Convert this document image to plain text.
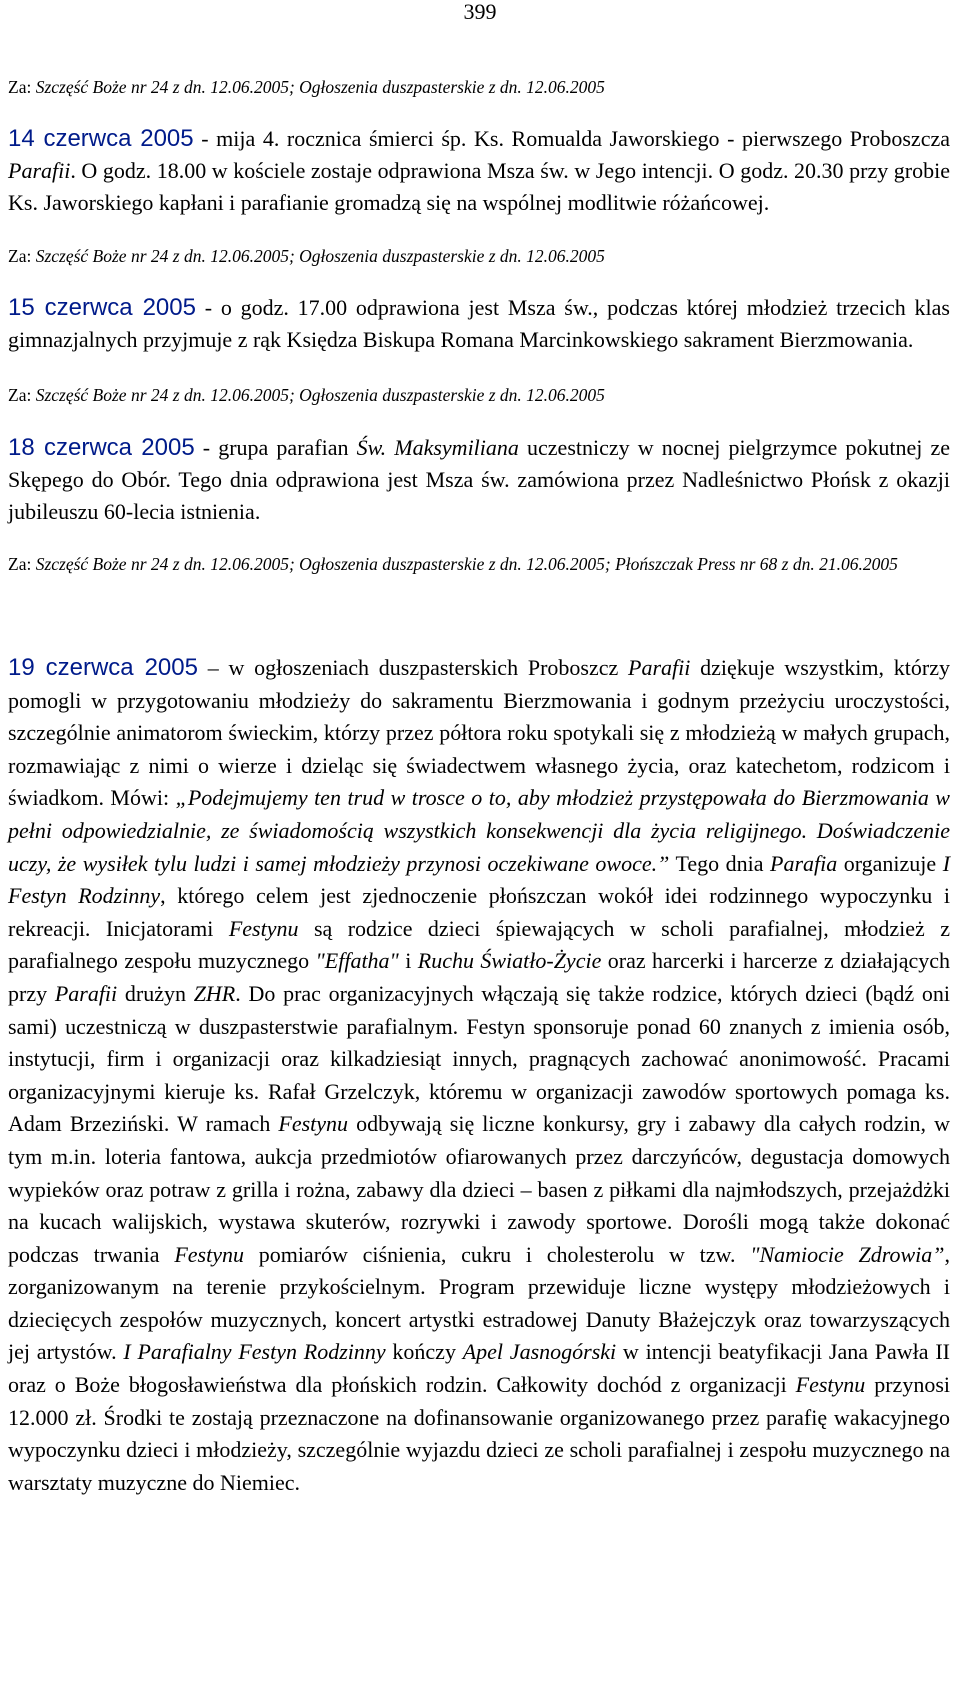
399
Za: Szczęść Boże nr 24 z dn. 12.06.2005; Ogłoszenia duszpasterskie z dn. 12.06.2005
14 czerwca 2005 - mija 4. rocznica śmierci śp. Ks. Romualda Jaworskiego - pierwszego Proboszcza Parafii. O godz. 18.00 w kościele zostaje odprawiona Msza św. w Jego intencji. O godz. 20.30 przy grobie Ks. Jaworskiego kapłani i parafianie gromadzą się na wspólnej modlitwie różańcowej.
Za: Szczęść Boże nr 24 z dn. 12.06.2005; Ogłoszenia duszpasterskie z dn. 12.06.2005
15 czerwca 2005 - o godz. 17.00 odprawiona jest Msza św., podczas której młodzież trzecich klas gimnazjalnych przyjmuje z rąk Księdza Biskupa Romana Marcinkowskiego sakrament Bierzmowania.
Za: Szczęść Boże nr 24 z dn. 12.06.2005; Ogłoszenia duszpasterskie z dn. 12.06.2005
18 czerwca 2005 - grupa parafian Św. Maksymiliana uczestniczy w nocnej pielgrzymce pokutnej ze Skępego do Obór. Tego dnia odprawiona jest Msza św. zamówiona przez Nadleśnictwo Płońsk z okazji jubileuszu 60-lecia istnienia.
Za: Szczęść Boże nr 24 z dn. 12.06.2005; Ogłoszenia duszpasterskie z dn. 12.06.2005; Płońszczak Press nr 68 z dn. 21.06.2005
19 czerwca 2005 – w ogłoszeniach duszpasterskich Proboszcz Parafii dziękuje wszystkim, którzy pomogli w przygotowaniu młodzieży do sakramentu Bierzmowania i godnym przeżyciu uroczystości, szczególnie animatorom świeckim, którzy przez półtora roku spotykali się z młodzieżą w małych grupach, rozmawiając z nimi o wierze i dzieląc się świadectwem własnego życia, oraz katechetom, rodzicom i świadkom. Mówi: „Podejmujemy ten trud w trosce o to, aby młodzież przystępowała do Bierzmowania w pełni odpowiedzialnie, ze świadomością wszystkich konsekwencji dla życia religijnego. Doświadczenie uczy, że wysiłek tylu ludzi i samej młodzieży przynosi oczekiwane owoce.” Tego dnia Parafia organizuje I Festyn Rodzinny, którego celem jest zjednoczenie płońszczan wokół idei rodzinnego wypoczynku i rekreacji. Inicjatorami Festynu są rodzice dzieci śpiewających w scholi parafialnej, młodzież z parafialnego zespołu muzycznego "Effatha" i Ruchu Światło-Życie oraz harcerki i harcerze z działających przy Parafii drużyn ZHR. Do prac organizacyjnych włączają się także rodzice, których dzieci (bądź oni sami) uczestniczą w duszpasterstwie parafialnym. Festyn sponsoruje ponad 60 znanych z imienia osób, instytucji, firm i organizacji oraz kilkadziesiąt innych, pragnących zachować anonimowość. Pracami organizacyjnymi kieruje ks. Rafał Grzelczyk, któremu w organizacji zawodów sportowych pomaga ks. Adam Brzeziński. W ramach Festynu odbywają się liczne konkursy, gry i zabawy dla całych rodzin, w tym m.in. loteria fantowa, aukcja przedmiotów ofiarowanych przez darczyńców, degustacja domowych wypieków oraz potraw z grilla i rożna, zabawy dla dzieci – basen z piłkami dla najmłodszych, przejażdżki na kucach walijskich, wystawa skuterów, rozrywki i zawody sportowe. Dorośli mogą także dokonać podczas trwania Festynu pomiarów ciśnienia, cukru i cholesterolu w tzw. "Namiocie Zdrowia”, zorganizowanym na terenie przykościelnym. Program przewiduje liczne występy młodzieżowych i dziecięcych zespołów muzycznych, koncert artystki estradowej Danuty Błażejczyk oraz towarzyszących jej artystów. I Parafialny Festyn Rodzinny kończy Apel Jasnogórski w intencji beatyfikacji Jana Pawła II oraz o Boże błogosławieństwa dla płońskich rodzin. Całkowity dochód z organizacji Festynu przynosi 12.000 zł. Środki te zostają przeznaczone na dofinansowanie organizowanego przez parafię wakacyjnego wypoczynku dzieci i młodzieży, szczególnie wyjazdu dzieci ze scholi parafialnej i zespołu muzycznego na warsztaty muzyczne do Niemiec.
